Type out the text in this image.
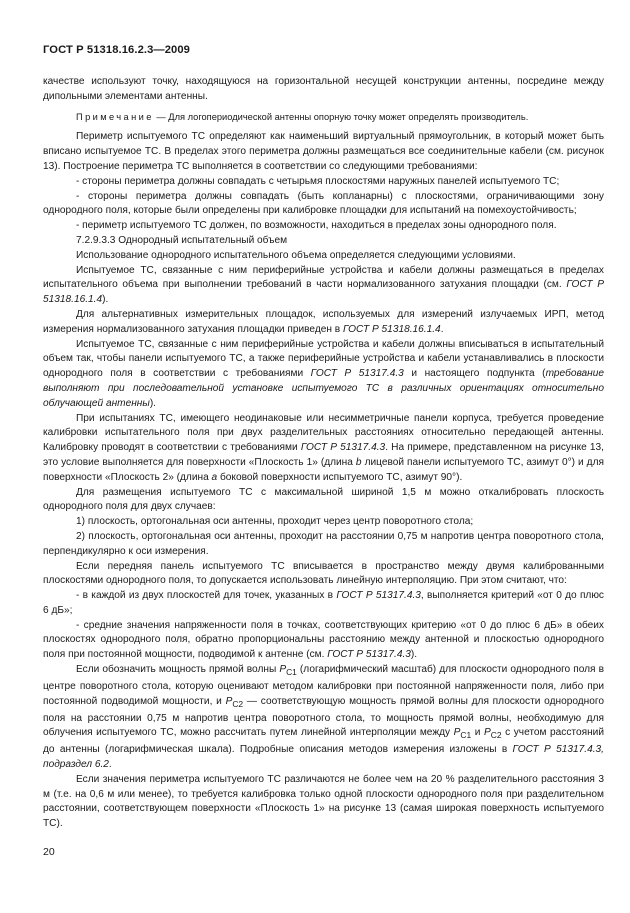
ГОСТ Р 51318.16.2.3—2009

качестве используют точку, находящуюся на горизонтальной несущей конструкции антенны, посредине между дипольными элементами антенны.

Примечание — Для логопериодической антенны опорную точку может определять производитель.

Периметр испытуемого ТС определяют как наименьший виртуальный прямоугольник, в который может быть вписано испытуемое ТС. В пределах этого периметра должны размещаться все соединительные кабели (см. рисунок 13). Построение периметра ТС выполняется в соответствии со следующими требованиями:

- стороны периметра должны совпадать с четырьмя плоскостями наружных панелей испытуемого ТС;

- стороны периметра должны совпадать (быть копланарны) с плоскостями, ограничивающими зону однородного поля, которые были определены при калибровке площадки для испытаний на помехоустойчивость;

- периметр испытуемого ТС должен, по возможности, находиться в пределах зоны однородного поля.

7.2.9.3.3 Однородный испытательный объем

Использование однородного испытательного объема определяется следующими условиями.

Испытуемое ТС, связанные с ним периферийные устройства и кабели должны размещаться в пределах испытательного объема при выполнении требований в части нормализованного затухания площадки (см. ГОСТ Р 51318.16.1.4).

Для альтернативных измерительных площадок, используемых для измерений излучаемых ИРП, метод измерения нормализованного затухания площадки приведен в ГОСТ Р 51318.16.1.4.

Испытуемое ТС, связанные с ним периферийные устройства и кабели должны вписываться в испытательный объем так, чтобы панели испытуемого ТС, а также периферийные устройства и кабели устанавливались в плоскости однородного поля в соответствии с требованиями ГОСТ Р 51317.4.3 и настоящего подпункта (требование выполняют при последовательной установке испытуемого ТС в различных ориентациях относительно облучающей антенны).

При испытаниях ТС, имеющего неодинаковые или несимметричные панели корпуса, требуется проведение калибровки испытательного поля при двух разделительных расстояниях относительно передающей антенны. Калибровку проводят в соответствии с требованиями ГОСТ Р 51317.4.3. На примере, представленном на рисунке 13, это условие выполняется для поверхности «Плоскость 1» (длина b лицевой панели испытуемого ТС, азимут 0°) и для поверхности «Плоскость 2» (длина a боковой поверхности испытуемого ТС, азимут 90°).

Для размещения испытуемого ТС с максимальной шириной 1,5 м можно откалибровать плоскость однородного поля для двух случаев:

1) плоскость, ортогональная оси антенны, проходит через центр поворотного стола;

2) плоскость, ортогональная оси антенны, проходит на расстоянии 0,75 м напротив центра поворотного стола, перпендикулярно к оси измерения.

Если передняя панель испытуемого ТС вписывается в пространство между двумя калиброванными плоскостями однородного поля, то допускается использовать линейную интерполяцию. При этом считают, что:

- в каждой из двух плоскостей для точек, указанных в ГОСТ Р 51317.4.3, выполняется критерий «от 0 до плюс 6 дБ»;

- средние значения напряженности поля в точках, соответствующих критерию «от 0 до плюс 6 дБ» в обеих плоскостях однородного поля, обратно пропорциональны расстоянию между антенной и плоскостью однородного поля при постоянной мощности, подводимой к антенне (см. ГОСТ Р 51317.4.3).

Если обозначить мощность прямой волны $P_{C1}$ (логарифмический масштаб) для плоскости однородного поля в центре поворотного стола, которую оценивают методом калибровки при постоянной напряженности поля, либо при постоянной подводимой мощности, и $P_{C2}$ — соответствующую мощность прямой волны для плоскости однородного поля на расстоянии 0,75 м напротив центра поворотного стола, то мощность прямой волны, необходимую для облучения испытуемого ТС, можно рассчитать путем линейной интерполяции между $P_{C1}$ и $P_{C2}$ с учетом расстояний до антенны (логарифмическая шкала). Подробные описания методов измерения изложены в ГОСТ Р 51317.4.3, подраздел 6.2.

Если значения периметра испытуемого ТС различаются не более чем на 20 % разделительного расстояния 3 м (т.е. на 0,6 м или менее), то требуется калибровка только одной плоскости однородного поля при разделительном расстоянии, соответствующем поверхности «Плоскость 1» на рисунке 13 (самая широкая поверхность испытуемого ТС).

20
